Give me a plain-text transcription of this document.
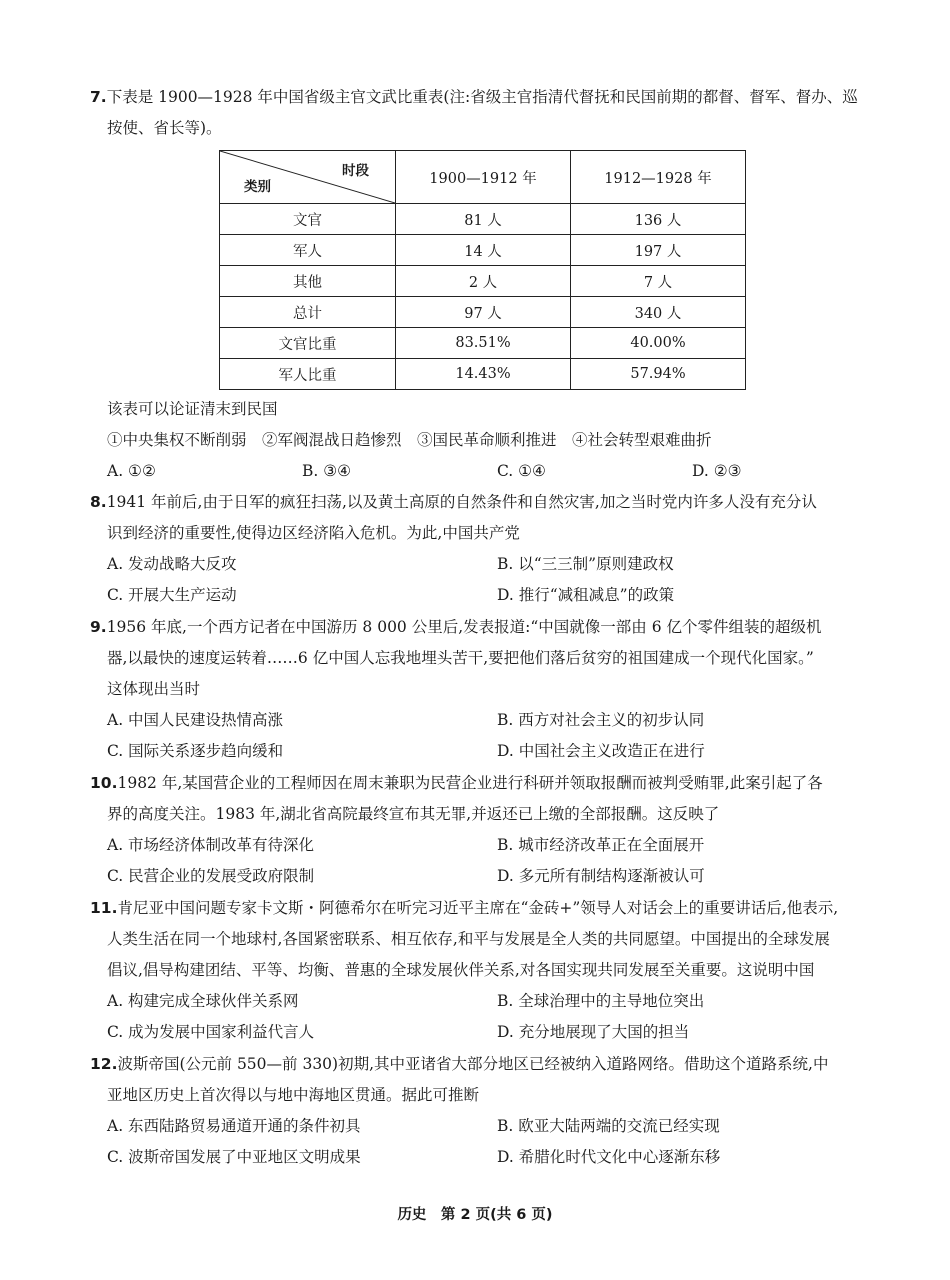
7.下表是 1900—1928 年中国省级主官文武比重表(注:省级主官指清代督抚和民国前期的都督、督军、督办、巡
按使、省长等)。
时段
类别	1900—1912 年	1912—1928 年
文官	81 人	136 人
军人	14 人	197 人
其他	2 人	7 人
总计	97 人	340 人
文官比重	83.51%	40.00%
军人比重	14.43%	57.94%
该表可以论证清末到民国
①中央集权不断削弱　②军阀混战日趋惨烈　③国民革命顺利推进　④社会转型艰难曲折
A. ①②	B. ③④	C. ①④	D. ②③
8.1941 年前后,由于日军的疯狂扫荡,以及黄土高原的自然条件和自然灾害,加之当时党内许多人没有充分认
识到经济的重要性,使得边区经济陷入危机。为此,中国共产党
A. 发动战略大反攻	B. 以“三三制”原则建政权
C. 开展大生产运动	D. 推行“减租减息”的政策
9.1956 年底,一个西方记者在中国游历 8 000 公里后,发表报道:“中国就像一部由 6 亿个零件组装的超级机
器,以最快的速度运转着……6 亿中国人忘我地埋头苦干,要把他们落后贫穷的祖国建成一个现代化国家。”
这体现出当时
A. 中国人民建设热情高涨	B. 西方对社会主义的初步认同
C. 国际关系逐步趋向缓和	D. 中国社会主义改造正在进行
10.1982 年,某国营企业的工程师因在周末兼职为民营企业进行科研并领取报酬而被判受贿罪,此案引起了各
界的高度关注。1983 年,湖北省高院最终宣布其无罪,并返还已上缴的全部报酬。这反映了
A. 市场经济体制改革有待深化	B. 城市经济改革正在全面展开
C. 民营企业的发展受政府限制	D. 多元所有制结构逐渐被认可
11.肯尼亚中国问题专家卡文斯・阿德希尔在听完习近平主席在“金砖+”领导人对话会上的重要讲话后,他表示,
人类生活在同一个地球村,各国紧密联系、相互依存,和平与发展是全人类的共同愿望。中国提出的全球发展
倡议,倡导构建团结、平等、均衡、普惠的全球发展伙伴关系,对各国实现共同发展至关重要。这说明中国
A. 构建完成全球伙伴关系网	B. 全球治理中的主导地位突出
C. 成为发展中国家利益代言人	D. 充分地展现了大国的担当
12.波斯帝国(公元前 550—前 330)初期,其中亚诸省大部分地区已经被纳入道路网络。借助这个道路系统,中
亚地区历史上首次得以与地中海地区贯通。据此可推断
A. 东西陆路贸易通道开通的条件初具	B. 欧亚大陆两端的交流已经实现
C. 波斯帝国发展了中亚地区文明成果	D. 希腊化时代文化中心逐渐东移
历史　第 2 页(共 6 页)
